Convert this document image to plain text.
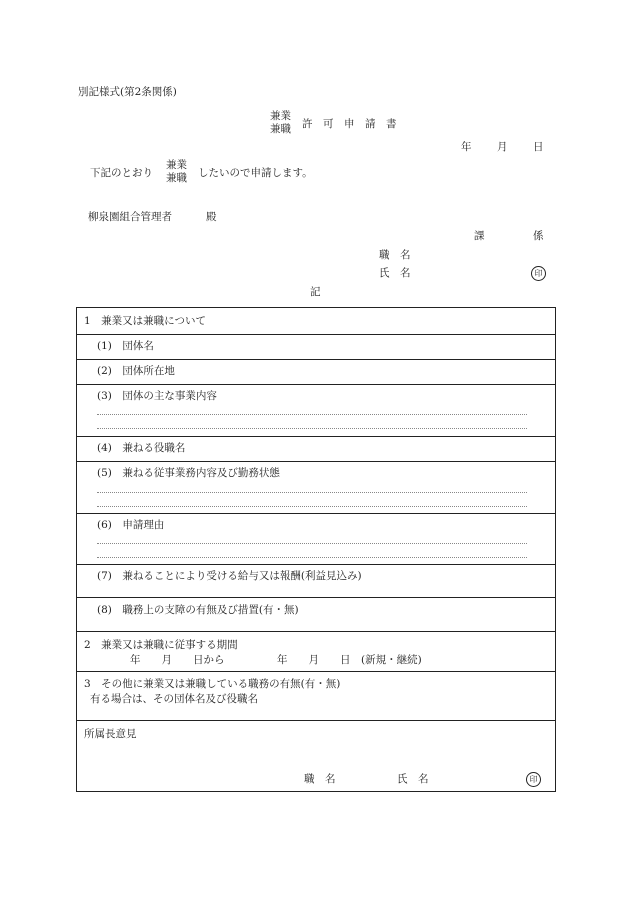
別記様式(第2条関係)
兼業
兼職 許　可　申　請　書
年 月 日
下記のとおり
兼業
兼職 したいので申請します。
柳泉園組合管理者	殿
課	係
職　名
氏　名	印
記
1　兼業又は兼職について
(1)　団体名
(2)　団体所在地
(3)　団体の主な事業内容
(4)　兼ねる役職名
(5)　兼ねる従事業務内容及び勤務状態
(6)　申請理由
(7)　兼ねることにより受ける給与又は報酬(利益見込み)
(8)　職務上の支障の有無及び措置(有・無)
2　兼業又は兼職に従事する期間
年　　月　　日から　　　　　年　　月　　日　(新規・継続)
3　その他に兼業又は兼職している職務の有無(有・無)
有る場合は、その団体名及び役職名
所属長意見
職　名	氏　名	印
